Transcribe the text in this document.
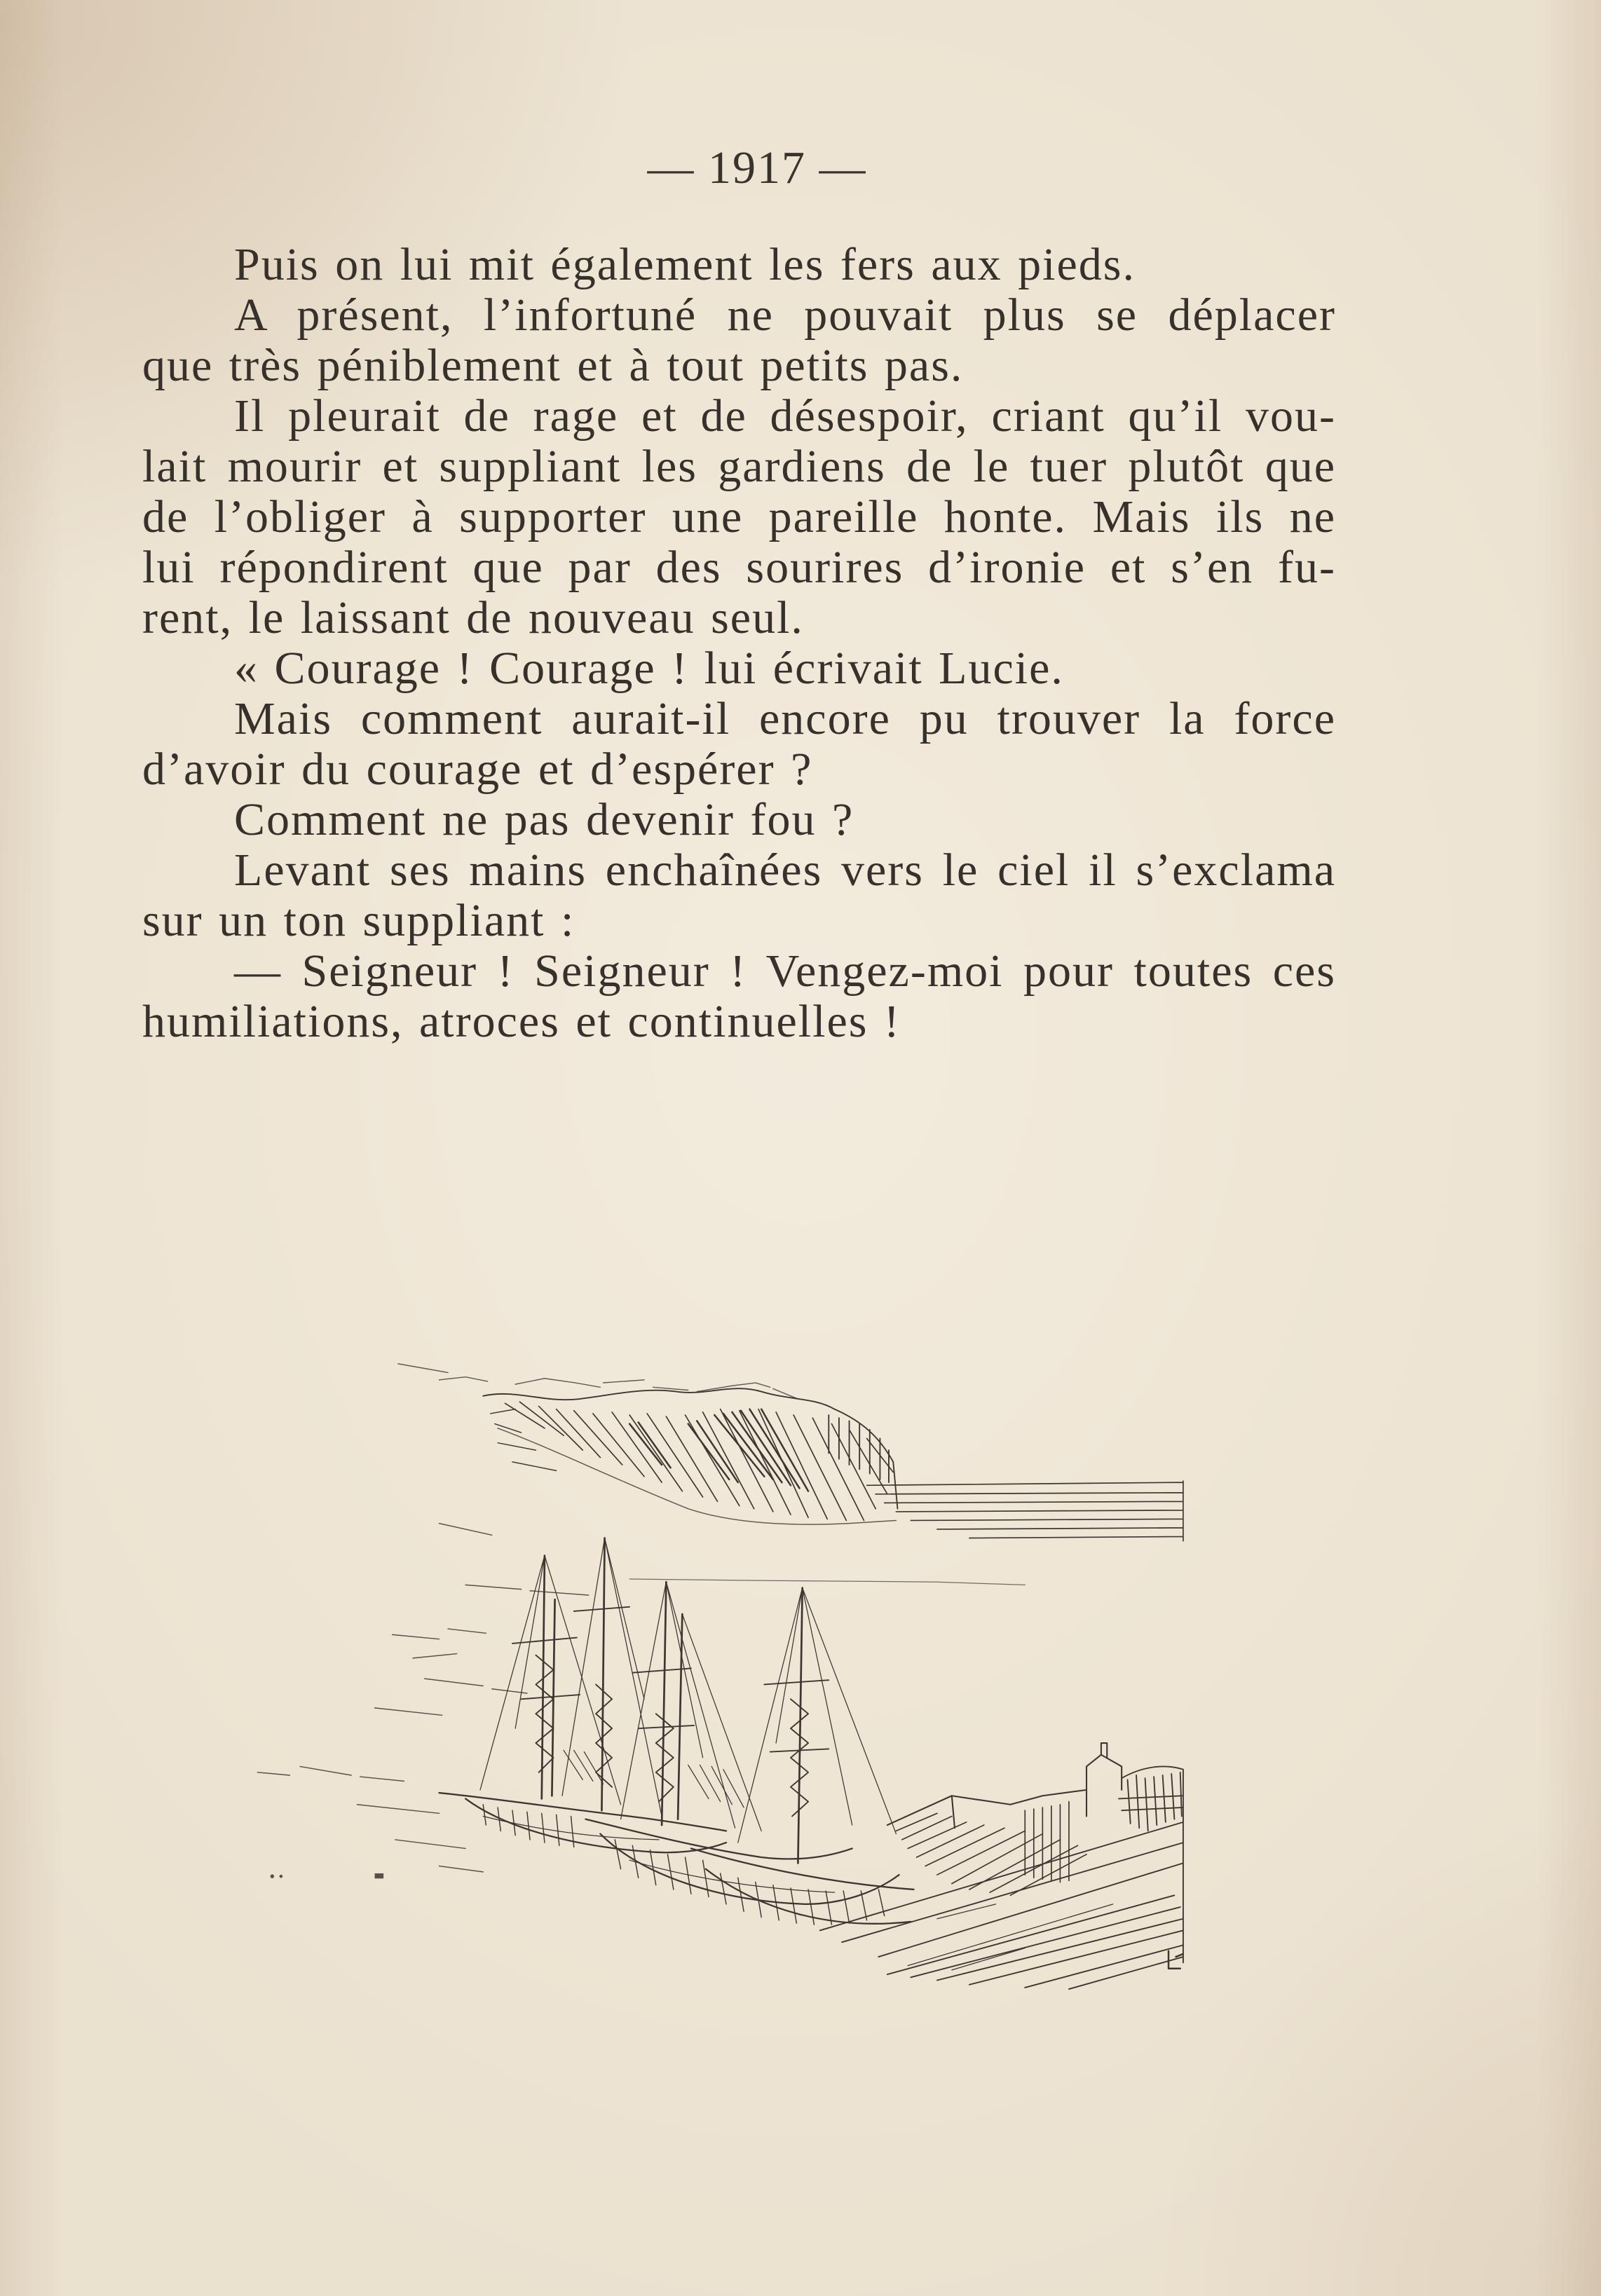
— 1917 —
Puis on lui mit également les fers aux pieds.
A présent, l’infortuné ne pouvait plus se déplacer
que très péniblement et à tout petits pas.
Il pleurait de rage et de désespoir, criant qu’il vou-
lait mourir et suppliant les gardiens de le tuer plutôt que
de l’obliger à supporter une pareille honte. Mais ils ne
lui répondirent que par des sourires d’ironie et s’en fu-
rent, le laissant de nouveau seul.
« Courage ! Courage ! lui écrivait Lucie.
Mais comment aurait-il encore pu trouver la force
d’avoir du courage et d’espérer ?
Comment ne pas devenir fou ?
Levant ses mains enchaînées vers le ciel il s’exclama
sur un ton suppliant :
— Seigneur ! Seigneur ! Vengez-moi pour toutes ces
humiliations, atroces et continuelles !
